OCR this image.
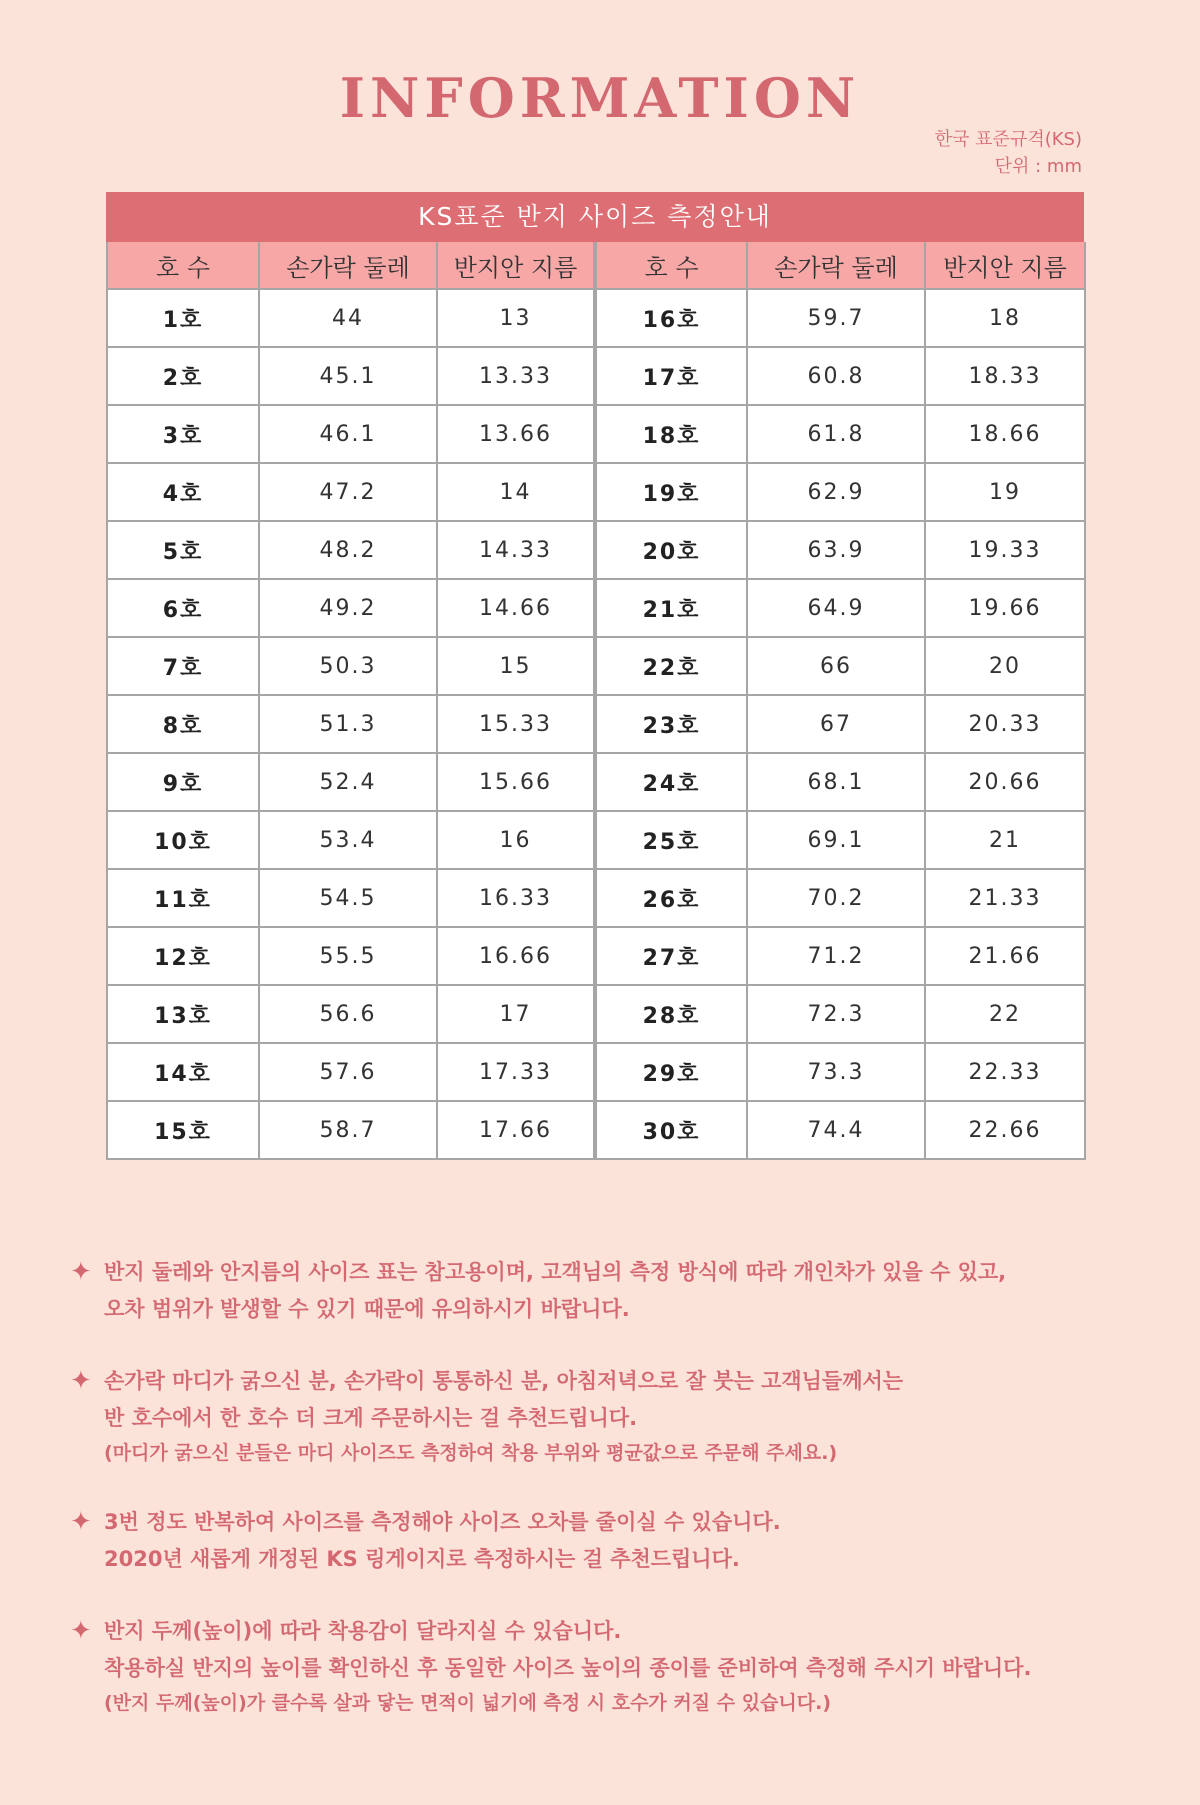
INFORMATION
한국 표준규격(KS)
단위 : mm
KS표준 반지 사이즈 측정안내
호 수	손가락 둘레	반지안 지름	호 수	손가락 둘레	반지안 지름
1호	44	13	16호	59.7	18
2호	45.1	13.33	17호	60.8	18.33
3호	46.1	13.66	18호	61.8	18.66
4호	47.2	14	19호	62.9	19
5호	48.2	14.33	20호	63.9	19.33
6호	49.2	14.66	21호	64.9	19.66
7호	50.3	15	22호	66	20
8호	51.3	15.33	23호	67	20.33
9호	52.4	15.66	24호	68.1	20.66
10호	53.4	16	25호	69.1	21
11호	54.5	16.33	26호	70.2	21.33
12호	55.5	16.66	27호	71.2	21.66
13호	56.6	17	28호	72.3	22
14호	57.6	17.33	29호	73.3	22.33
15호	58.7	17.66	30호	74.4	22.66
✦ 반지 둘레와 안지름의 사이즈 표는 참고용이며, 고객님의 측정 방식에 따라 개인차가 있을 수 있고,

오차 범위가 발생할 수 있기 때문에 유의하시기 바랍니다.

✦ 손가락 마디가 굵으신 분, 손가락이 통통하신 분, 아침저녁으로 잘 붓는 고객님들께서는

반 호수에서 한 호수 더 크게 주문하시는 걸 추천드립니다.

(마디가 굵으신 분들은 마디 사이즈도 측정하여 착용 부위와 평균값으로 주문해 주세요.)

✦ 3번 정도 반복하여 사이즈를 측정해야 사이즈 오차를 줄이실 수 있습니다.

2020년 새롭게 개정된 KS 링게이지로 측정하시는 걸 추천드립니다.

✦ 반지 두께(높이)에 따라 착용감이 달라지실 수 있습니다.

착용하실 반지의 높이를 확인하신 후 동일한 사이즈 높이의 종이를 준비하여 측정해 주시기 바랍니다.

(반지 두께(높이)가 클수록 살과 닿는 면적이 넓기에 측정 시 호수가 커질 수 있습니다.)
